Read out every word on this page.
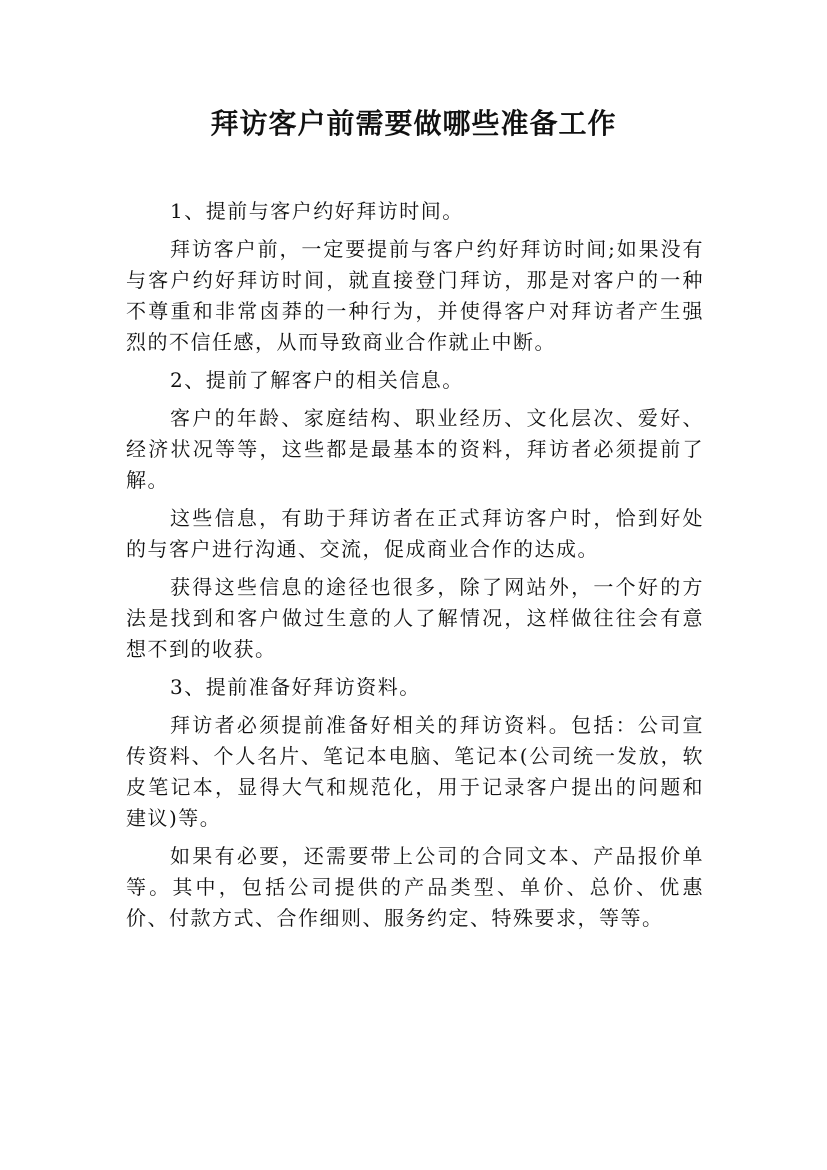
拜访客户前需要做哪些准备工作

1、提前与客户约好拜访时间。

拜访客户前，一定要提前与客户约好拜访时间;如果没有与客户约好拜访时间，就直接登门拜访，那是对客户的一种不尊重和非常卤莽的一种行为，并使得客户对拜访者产生强烈的不信任感，从而导致商业合作就止中断。

2、提前了解客户的相关信息。

客户的年龄、家庭结构、职业经历、文化层次、爱好、经济状况等等，这些都是最基本的资料，拜访者必须提前了解。

这些信息，有助于拜访者在正式拜访客户时，恰到好处的与客户进行沟通、交流，促成商业合作的达成。

获得这些信息的途径也很多，除了网站外，一个好的方法是找到和客户做过生意的人了解情况，这样做往往会有意想不到的收获。

3、提前准备好拜访资料。

拜访者必须提前准备好相关的拜访资料。包括：公司宣传资料、个人名片、笔记本电脑、笔记本(公司统一发放，软皮笔记本，显得大气和规范化，用于记录客户提出的问题和建议)等。

如果有必要，还需要带上公司的合同文本、产品报价单等。其中，包括公司提供的产品类型、单价、总价、优惠价、付款方式、合作细则、服务约定、特殊要求，等等。
